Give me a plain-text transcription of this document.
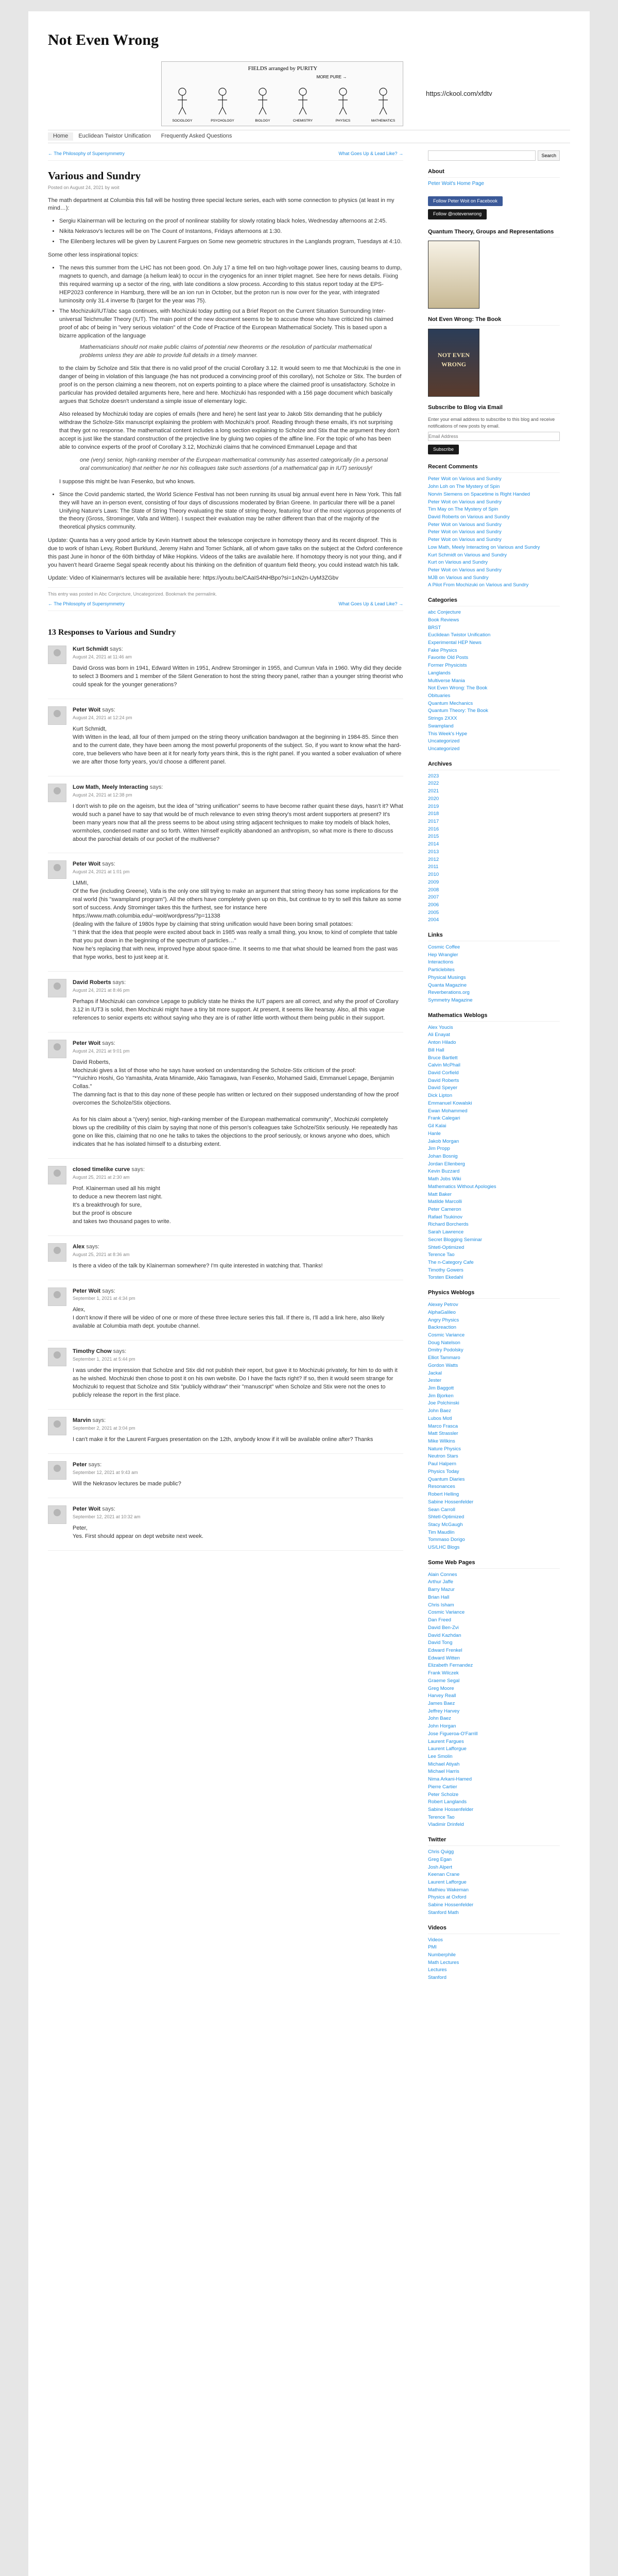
Not Even Wrong
FIELDS arranged by PURITY
MORE PURE →
SOCIOLOGY	PSYCHOLOGY	BIOLOGY	CHEMISTRY	PHYSICS	MATHEMATICS
https://ckool.com/xfdtv
Home	Euclidean Twistor Unification	Frequently Asked Questions
← The Philosophy of Supersymmetry	What Goes Up & Lead Like? →
Various and Sundry
Posted on August 24, 2021 by woit

The math department at Columbia this fall will be hosting three special lecture series, each with some connection to physics (at least in my mind…):

• Sergiu Klainerman will be lecturing on the proof of nonlinear stability for slowly rotating black holes, Wednesday afternoons at 2:45.
• Nikita Nekrasov's lectures will be on The Count of Instantons, Fridays afternoons at 1:30.
• The Eilenberg lectures will be given by Laurent Fargues on Some new geometric structures in the Langlands program, Tuesdays at 4:10.

Some other less inspirational topics:

• The news this summer from the LHC has not been good. On July 17 a time fell on two high-voltage power lines, causing beams to dump, magnets to quench, and damage (a helium leak) to occur in the cryogenics for an inner triplet magnet. See here for news details. Fixing this required warming up a sector of the ring, with late conditions a slow process. According to this status report today at the EPS-HEP2023 conference in Hamburg, there will be an ion run in October, but the proton run is now over for the year, with integrated luminosity only 31.4 inverse fb (target for the year was 75).
• The Mochizuki/IUT/abc saga continues, with Mochizuki today putting out a Brief Report on the Current Situation Surrounding Inter-universal Teichmuller Theory (IUT). The main point of the new document seems to be to accuse those who have criticized his claimed proof of abc of being in "very serious violation" of the Code of Practice of the European Mathematical Society. This is based upon a bizarre application of the language
Mathematicians should not make public claims of potential new theorems or the resolution of particular mathematical problems unless they are able to provide full details in a timely manner.

to the claim by Scholze and Stix that there is no valid proof of the crucial Corollary 3.12. It would seem to me that Mochizuki is the one in danger of being in violation of this language (he has not produced a convincing proof of this corollary), not Scholze or Stix. The burden of proof is on the person claiming a new theorem, not on experts pointing to a place where the claimed proof is unsatisfactory. Scholze in particular has provided detailed arguments here, here and here. Mochizuki has responded with a 156 page document which basically argues that Scholze doesn't understand a simple issue of elementary logic.

Also released by Mochizuki today are copies of emails (here and here) he sent last year to Jakob Stix demanding that he publicly withdraw the Scholze-Stix manuscript explaining the problem with Mochizuki's proof. Reading through these emails, it's not surprising that they got no response. The mathematical content includes a long section explaining to Scholze and Stix that the argument they don't accept is just like the standard construction of the projective line by gluing two copies of the affine line. For the topic of who has been able to convince experts of the proof of Corollary 3.12, Mochizuki claims that he convinced Emmanuel Lepage and that

one (very) senior, high-ranking member of the European mathematical community has asserted categorically (in a personal oral communication) that neither he nor his colleagues take such assertions (of a mathematical gap in IUT) seriously!

I suppose this might be Ivan Fesenko, but who knows.

• Since the Covid pandemic started, the World Science Festival has not been running its usual big annual event here in New York. This fall they will have an in-person event, consisting of four days of discussions moderated by Brian Greene. In particular there will be a panel Unifying Nature's Laws: The State of String Theory evaluating the state of string theory, featuring four of the most vigorous proponents of the theory (Gross, Strominger, Vafa and Witten). I suspect their evaluation may be rather different than that of the majority of the theoretical physics community.

Update: Quanta has a very good article by Kevin Hartnett about the telescope conjecture in homotopy theory and its recent disproof. This is due to work of Ishan Levy, Robert Burklund, Jeremy Hahn and Tomer Schlank, all of whom gave talks on the subject at the Oxford conference this past June in honor of the 60th birthday of Mike Hopkins. Videos of the talks are available here. If homotopy theory is not your thing, and if you haven't heard Graeme Segal speak recently about his thinking on the definition of quantum field theory, you could instead watch his talk.

Update: Video of Klainerman's lectures will be available here: https://youtu.be/CAaIS4NHBpo?si=1xN2n-UyM3ZGbv

This entry was posted in Abc Conjecture, Uncategorized. Bookmark the permalink.
← The Philosophy of Supersymmetry	What Goes Up & Lead Like? →
13 Responses to Various and Sundry
Kurt Schmidt says:
August 24, 2021 at 11:46 am

David Gross was born in 1941, Edward Witten in 1951, Andrew Strominger in 1955, and Cumrun Vafa in 1960. Why did they decide to select 3 Boomers and 1 member of the Silent Generation to host the string theory panel, rather than a younger string theorist who could speak for the younger generations?

Peter Woit says:
August 24, 2021 at 12:24 pm

Kurt Schmidt,
With Witten in the lead, all four of them jumped on the string theory unification bandwagon at the beginning in 1984-85. Since then and to the current date, they have been among the most powerful proponents of the subject. So, if you want to know what the hard-core, true believers who have been at it for nearly forty years think, this is the right panel. If you wanted a sober evaluation of where we are after those forty years, you'd choose a different panel.

Low Math, Meely Interacting says:
August 24, 2021 at 12:38 pm

I don't wish to pile on the ageism, but the idea of "string unification" seems to have become rather quaint these days, hasn't it? What would such a panel have to say that would be of much relevance to even string theory's most ardent supporters at present? It's been many years now that all the press seems to be about using string adjacent techniques to make toy models of black holes, wormholes, condensed matter and so forth. Witten himself explicitly abandoned an anthropism, so what more is there to discuss about the parochial details of our pocket of the multiverse?

Peter Woit says:
August 24, 2021 at 1:01 pm

LMMI,
Of the five (including Greene), Vafa is the only one still trying to make an argument that string theory has some implications for the real world (his "swampland program"). All the others have completely given up on this, but continue to try to sell this failure as some sort of success. Andy Strominger takes this the furthest, see for instance here
https://www.math.columbia.edu/~woit/wordpress/?p=11338
(dealing with the failure of 1980s hype by claiming that string unification would have been boring small potatoes:
"I think that the idea that people were excited about back in 1985 was really a small thing, you know, to kind of complete that table that you put down in the beginning of the spectrum of particles…"
Now he's replacing that with new, improved hype about space-time. It seems to me that what should be learned from the past was that hype works, best to just keep at it.

David Roberts says:
August 24, 2021 at 8:46 pm

Perhaps if Mochizuki can convince Lepage to publicly state he thinks the IUT papers are all correct, and why the proof of Corollary 3.12 in IUT3 is solid, then Mochizuki might have a tiny bit more support. At present, it seems like hearsay. Also, all this vague references to senior experts etc without saying who they are is of rather little worth without them being public in their support.

Peter Woit says:
August 24, 2021 at 9:01 pm

David Roberts,
Mochizuki gives a list of those who he says have worked on understanding the Scholze-Stix criticism of the proof:
"*Yuichiro Hoshi, Go Yamashita, Arata Minamide, Akio Tamagawa, Ivan Fesenko, Mohamed Saidi, Emmanuel Lepage, Benjamin Collas."
The damning fact is that to this day none of these people has written or lectured on their supposed understanding of how the proof overcomes the Scholze/Stix objections.

As for his claim about a "(very) senior, high-ranking member of the European mathematical community", Mochizuki completely blows up the credibility of this claim by saying that none of this person's colleagues take Scholze/Stix seriously. He repeatedly has gone on like this, claiming that no one he talks to takes the objections to the proof seriously, or knows anyone who does, which indicates that he has isolated himself to a disturbing extent.

closed timelike curve says:
August 25, 2021 at 2:30 am

Prof. Klainerman used all his might
to deduce a new theorem last night.
It's a breakthrough for sure,
but the proof is obscure
and takes two thousand pages to write.

Alex says:
August 25, 2021 at 8:36 am

Is there a video of the talk by Klainerman somewhere? I'm quite interested in watching that. Thanks!

Peter Woit says:
September 1, 2021 at 4:34 pm

Alex,
I don't know if there will be video of one or more of these three lecture series this fall. If there is, I'll add a link here, also likely available at Columbia math dept. youtube channel.

Timothy Chow says:
September 1, 2021 at 5:44 pm

I was under the impression that Scholze and Stix did not publish their report, but gave it to Mochizuki privately, for him to do with it as he wished. Mochizuki then chose to post it on his own website. Do I have the facts right? If so, then it would seem strange for Mochizuki to request that Scholze and Stix "publicly withdraw" their "manuscript" when Scholze and Stix were not the ones to publicly release the report in the first place.

Marvin says:
September 2, 2021 at 3:04 pm

I can't make it for the Laurent Fargues presentation on the 12th, anybody know if it will be available online after? Thanks

Peter says:
September 12, 2021 at 9:43 am

Will the Nekrasov lectures be made public?

Peter Woit says:
September 12, 2021 at 10:32 am

Peter,
Yes. First should appear on dept website next week.

Search
About
Peter Woit's Home Page
Follow Peter Woit on Facebook
Follow @notevenwrong
Quantum Theory, Groups and Representations
Not Even Wrong: The Book
NOT EVEN WRONG
Subscribe to Blog via Email

Enter your email address to subscribe to this blog and receive notifications of new posts by email.

Email Address Subscribe
Recent Comments
Peter Woit on Various and Sundry
John Loh on The Mystery of Spin
Norvin Siemens on Spacetime is Right Handed
Peter Woit on Various and Sundry
Tim May on The Mystery of Spin
David Roberts on Various and Sundry
Peter Woit on Various and Sundry
Peter Woit on Various and Sundry
Peter Woit on Various and Sundry
Low Math, Meely Interacting on Various and Sundry
Kurt Schmidt on Various and Sundry
Kurt on Various and Sundry
Peter Woit on Various and Sundry
MJB on Various and Sundry
A Pilot From Mochizuki on Various and Sundry
Categories
abc Conjecture
Book Reviews
BRST
Euclidean Twistor Unification
Experimental HEP News
Fake Physics
Favorite Old Posts
Former Physicists
Langlands
Multiverse Mania
Not Even Wrong: The Book
Obituaries
Quantum Mechanics
Quantum Theory: The Book
Strings 2XXX
Swampland
This Week's Hype
Uncategorized
Uncategorized
Archives
2023
2022
2021
2020
2019
2018
2017
2016
2015
2014
2013
2012
2011
2010
2009
2008
2007
2006
2005
2004
Links
Cosmic Coffee
Hep Wrangler
Interactions
Particlebites
Physical Musings
Quanta Magazine
Reverberations.org
Symmetry Magazine
Mathematics Weblogs
Alex Youcis
Ali Enayat
Anton Hilado
Bill Hall
Bruce Bartlett
Calvin McPhail
David Corfield
David Roberts
David Speyer
Dick Lipton
Emmanuel Kowalski
Ewan Mohammed
Frank Calegari
Gil Kalai
Hanle
Jakob Morgan
Jim Propp
Johan Bosnig
Jordan Ellenberg
Kevin Buzzard
Math Jobs Wiki
Mathematics Without Apologies
Matt Baker
Matilde Marcolli
Peter Cameron
Rafael Tsukinov
Richard Borcherds
Sarah Lawrence
Secret Blogging Seminar
Shtetl-Optimized
Terence Tao
The n-Category Cafe
Timothy Gowers
Torsten Ekedahl
Physics Weblogs
Alexey Petrov
AlphaGalileo
Angry Physics
Backreaction
Cosmic Variance
Doug Natelson
Dmitry Podolsky
Elliot Tammaro
Gordon Watts
Jackal
Jester
Jim Baggott
Jim Bjorken
Joe Polchinski
John Baez
Lubos Motl
Marco Frasca
Matt Strassler
Mike Wilkins
Nature Physics
Neutron Stars
Paul Halpern
Physics Today
Quantum Diaries
Resonances
Robert Helling
Sabine Hossenfelder
Sean Carroll
Shtetl-Optimized
Stacy McGaugh
Tim Maudlin
Tommaso Dorigo
US/LHC Blogs
Some Web Pages
Alain Connes
Arthur Jaffe
Barry Mazur
Brian Hall
Chris Isham
Cosmic Variance
Dan Freed
David Ben-Zvi
David Kazhdan
David Tong
Edward Frenkel
Edward Witten
Elizabeth Fernandez
Frank Wilczek
Graeme Segal
Greg Moore
Harvey Reall
James Baez
Jeffrey Harvey
John Baez
John Horgan
Jose Figueroa-O'Farrill
Laurent Fargues
Laurent Lafforgue
Lee Smolin
Michael Atiyah
Michael Harris
Nima Arkani-Hamed
Pierre Cartier
Peter Scholze
Robert Langlands
Sabine Hossenfelder
Terence Tao
Vladimir Drinfeld
Twitter
Chris Quigg
Greg Egan
Josh Alpert
Keenan Crane
Laurent Lafforgue
Mathieu Wakeman
Physics at Oxford
Sabine Hossenfelder
Stanford Math
Videos
Videos
PMI
Numberphile
Math Lectures
Lectures
Stanford
